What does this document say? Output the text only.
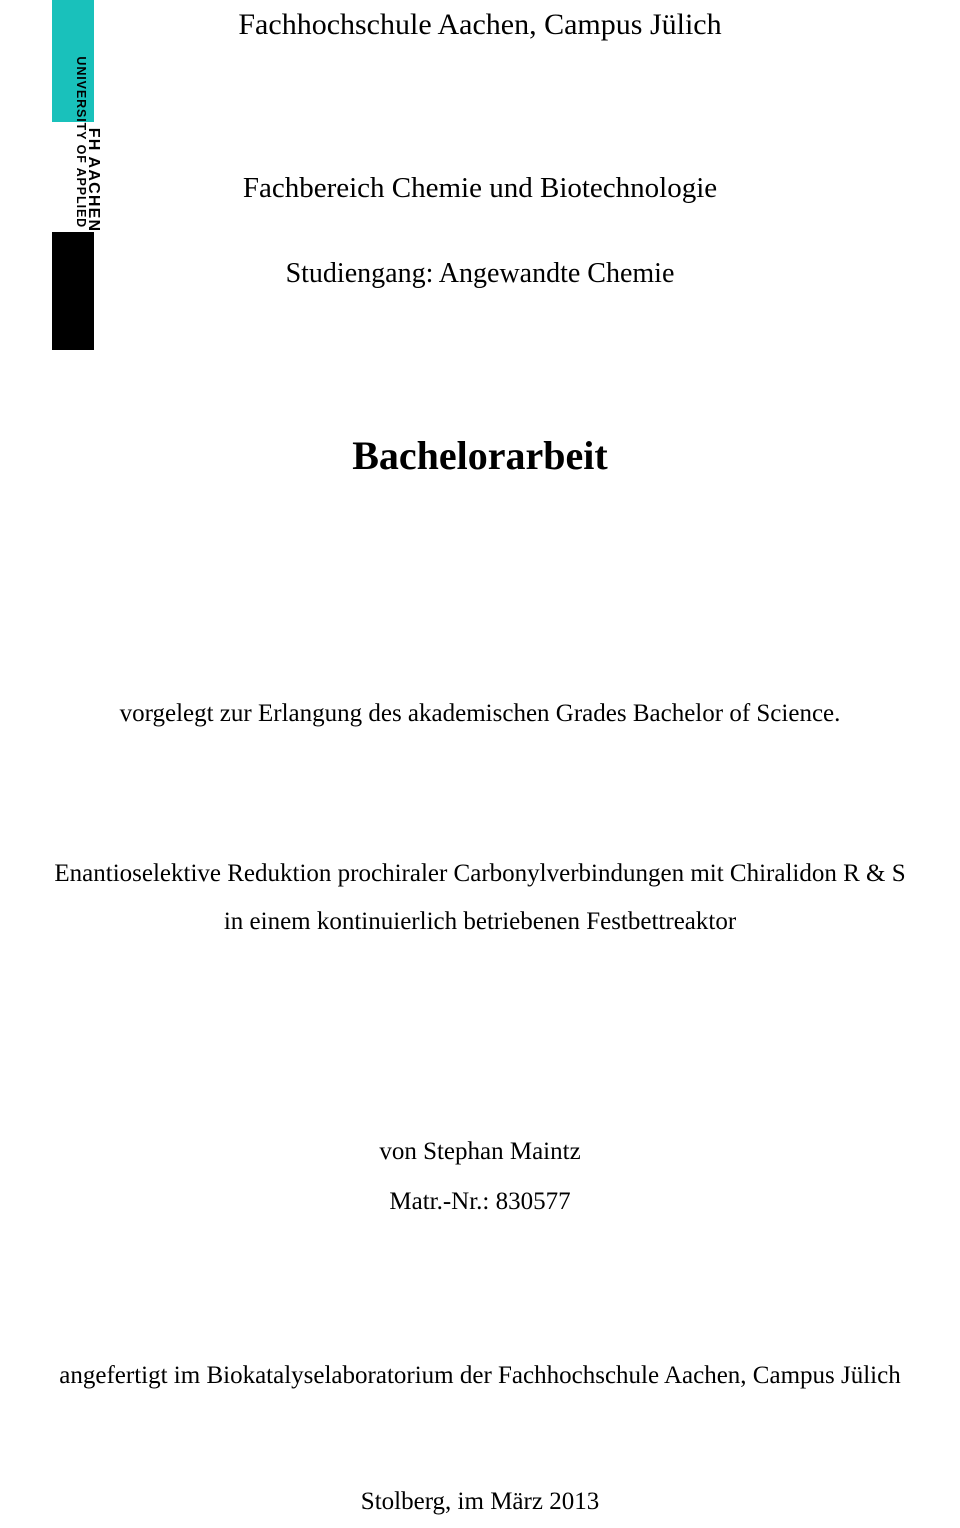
FH AACHEN
UNIVERSITY OF APPLIED SCIENCES
Fachhochschule Aachen, Campus Jülich
Fachbereich Chemie und Biotechnologie
Studiengang: Angewandte Chemie
Bachelorarbeit
vorgelegt zur Erlangung des akademischen Grades Bachelor of Science.
Enantioselektive Reduktion prochiraler Carbonylverbindungen mit Chiralidon R & S
in einem kontinuierlich betriebenen Festbettreaktor
von Stephan Maintz
Matr.-Nr.: 830577
angefertigt im Biokatalyselaboratorium der Fachhochschule Aachen, Campus Jülich
Stolberg, im März 2013
